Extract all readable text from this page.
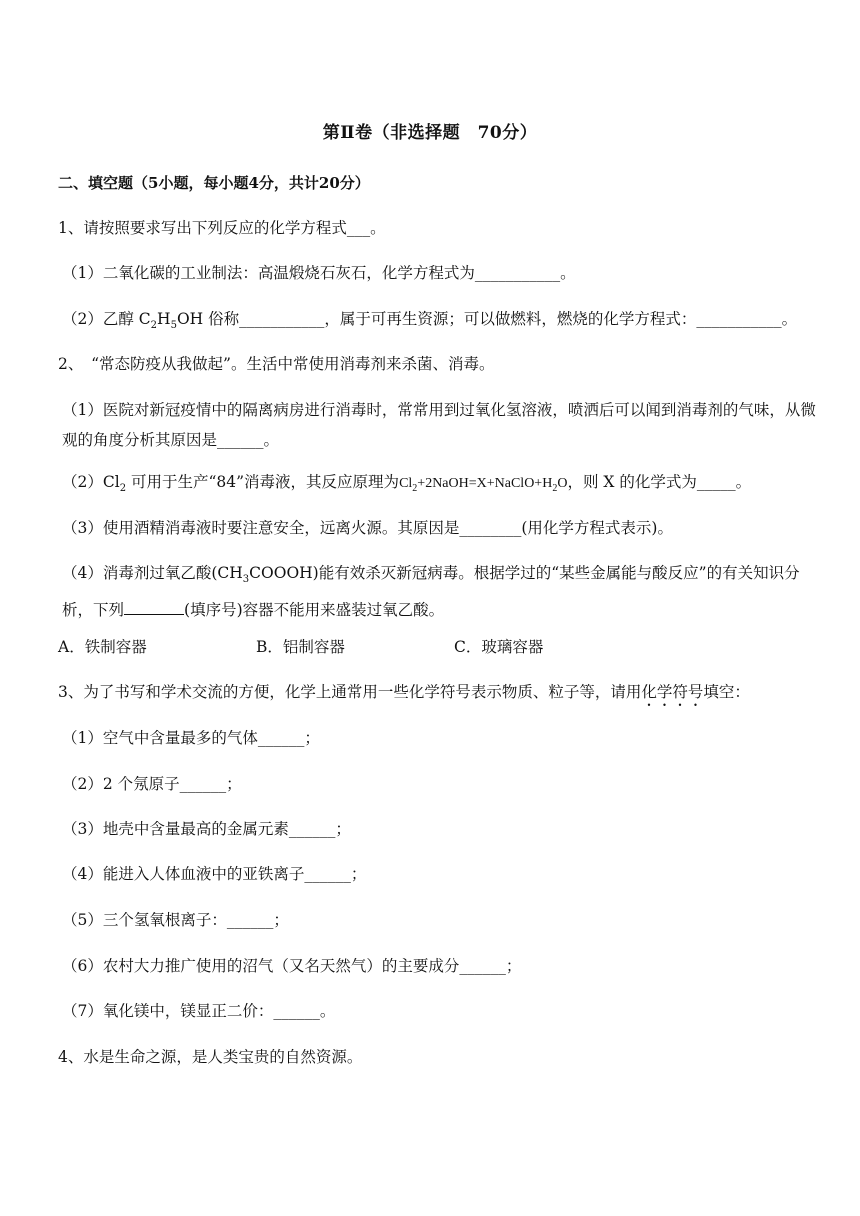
第Ⅱ卷（非选择题　70分）
二、填空题（5小题，每小题4分，共计20分）
1、请按照要求写出下列反应的化学方程式___。
（1）二氧化碳的工业制法：高温煅烧石灰石，化学方程式为___________。
（2）乙醇 $C_2H_5OH$ 俗称___________，属于可再生资源；可以做燃料，燃烧的化学方程式：___________。
2、　“常态防疫从我做起”。生活中常使用消毒剂来杀菌、消毒。
（1）医院对新冠疫情中的隔离病房进行消毒时，常常用到过氧化氢溶液，喷洒后可以闻到消毒剂的气味，从微观的角度分析其原因是______。
$(2)Cl_2$ 可用于生产“84”消毒液，其反应原理为$Cl_2+2NaOH=X+NaClO+H_2O$，则 X 的化学式为_____。
（3）使用酒精消毒液时要注意安全，远离火源。其原因是________(用化学方程式表示)。
（4）消毒剂过氧乙酸$(CH_3COOOH)$能有效杀灭新冠病毒。根据学过的“某些金属能与酸反应”的有关知识分析，下列	(填序号)容器不能用来盛装过氧乙酸。
A．铁制容器	B．铝制容器	C．玻璃容器
3、为了书写和学术交流的方便，化学上通常用一些化学符号表示物质、粒子等，请用化学符号填空：
（1）空气中含量最多的气体______；
（2）2 个氖原子______；
（3）地壳中含量最高的金属元素______；
（4）能进入人体血液中的亚铁离子______；
（5）三个氢氧根离子：______；
（6）农村大力推广使用的沼气（又名天然气）的主要成分______；
（7）氧化镁中，镁显正二价：______。
4、水是生命之源，是人类宝贵的自然资源。
